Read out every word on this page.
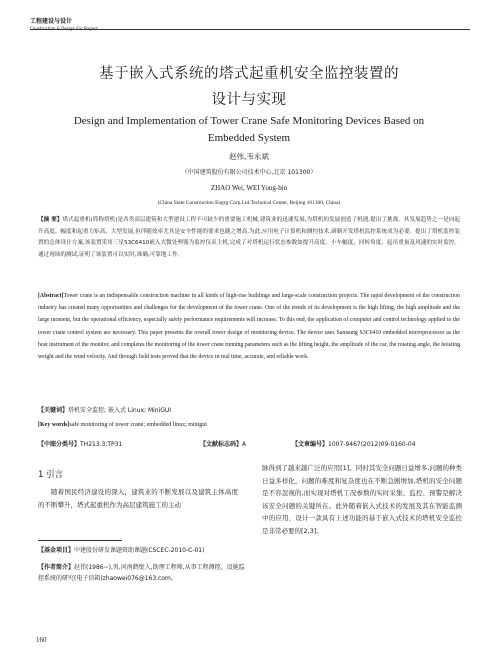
工程建设与设计
Construction & Design For Project
基于嵌入式系统的塔式起重机安全监控装置的
设计与实现
Design and Implementation of Tower Crane Safe Monitoring Devices Based on
Embedded System
赵伟,韦永斌
（中国建筑股份有限公司技术中心,北京 101300）
ZHAO Wei, WEI Yong-bin
(China State Construction Engrg.Corp.Ltd.Technical Center, Beijing 101300, China)
【摘 要】塔式起重机(简称塔机)是各类高层建筑和大型建设工程不可缺少的重要施工机械,建筑业的迅速发展,为塔机的发展创造了机遇,提出了挑战。其发展趋势之一是向起升高度、幅度和起重力矩高、大型发展,但伴随效率尤其是安全性能的要求也随之增高,为此,应用电子计算机和测控技术,研制开发塔机监控系统成为必要。提出了塔机监控装置的总体设计方案,该装置采用三星S3C6410嵌入式微处理器为监控仪表主机,完成了对塔机运行状态参数如提升高度、小车幅度、回转角度、起吊重量及风速的实时监控。通过现场的测试,证明了该装置可以实时,准确,可靠地工作。
[Abstract]Tower crane is an indispensable construction machine in all kinds of high-rise buildings and large-scale construction projects. The rapid development of the construction industry has created many opportunities and challenges for the development of the tower crane. One of the trends of its development is the high lifting, the high amplitude and the large moment, but the operational efficiency, especially safety performance requirements will increase. To this end, the application of computer and control technology applied to the tower crane control system are necessary. This paper presents the overall tower design of monitoring device. The device uses Samsung S3C6410 embedded microprocessor as the host instrument of the monitor, and completes the monitoring of the tower crane running parameters such as the lifting height, the amplitude of the car, the rotating angle, the hoisting weight and the wind velocity. And through field tests proved that the device in real time, accurate, and reliable work.
【关键词】塔机安全监控; 嵌入式 Linux; MiniGUI
[Key words]safe monitoring of tower crane; embedded linux; minigui
【中图分类号】TH213.3;TP31	【文献标志码】A	【文章编号】1007-9467(2012)09-0160-04
1 引言
随着国民经济建设的深入，建筑业的不断发展以及建筑主体高度的不断攀升，塔式起重机作为高层建筑施工的主动
脉得到了越来越广泛的应用[1]。同时其安全问题日益增多,问题的种类日益多样化，问题的难度和复杂度也在不断急剧增加,塔机的安全问题是不容忽视的,而实现对塔机工况参数的实时采集、监控、预警是解决该安全问题的关键所在。此外随着嵌入式技术的发展及其在智能监测中的应用，设计一款具有上述功能的基于嵌入式技术的塔机安全监控是非常必要的[2,3]。
【基金项目】中建股份研发课题资助课题(CSCEC-2010-C-01)
【作者简介】赵伟(1986~),男,河南鹤壁人,助理工程师,从事工程测控、设施监控系统的研究(电子信箱)zhaowei076@163.com。
160
